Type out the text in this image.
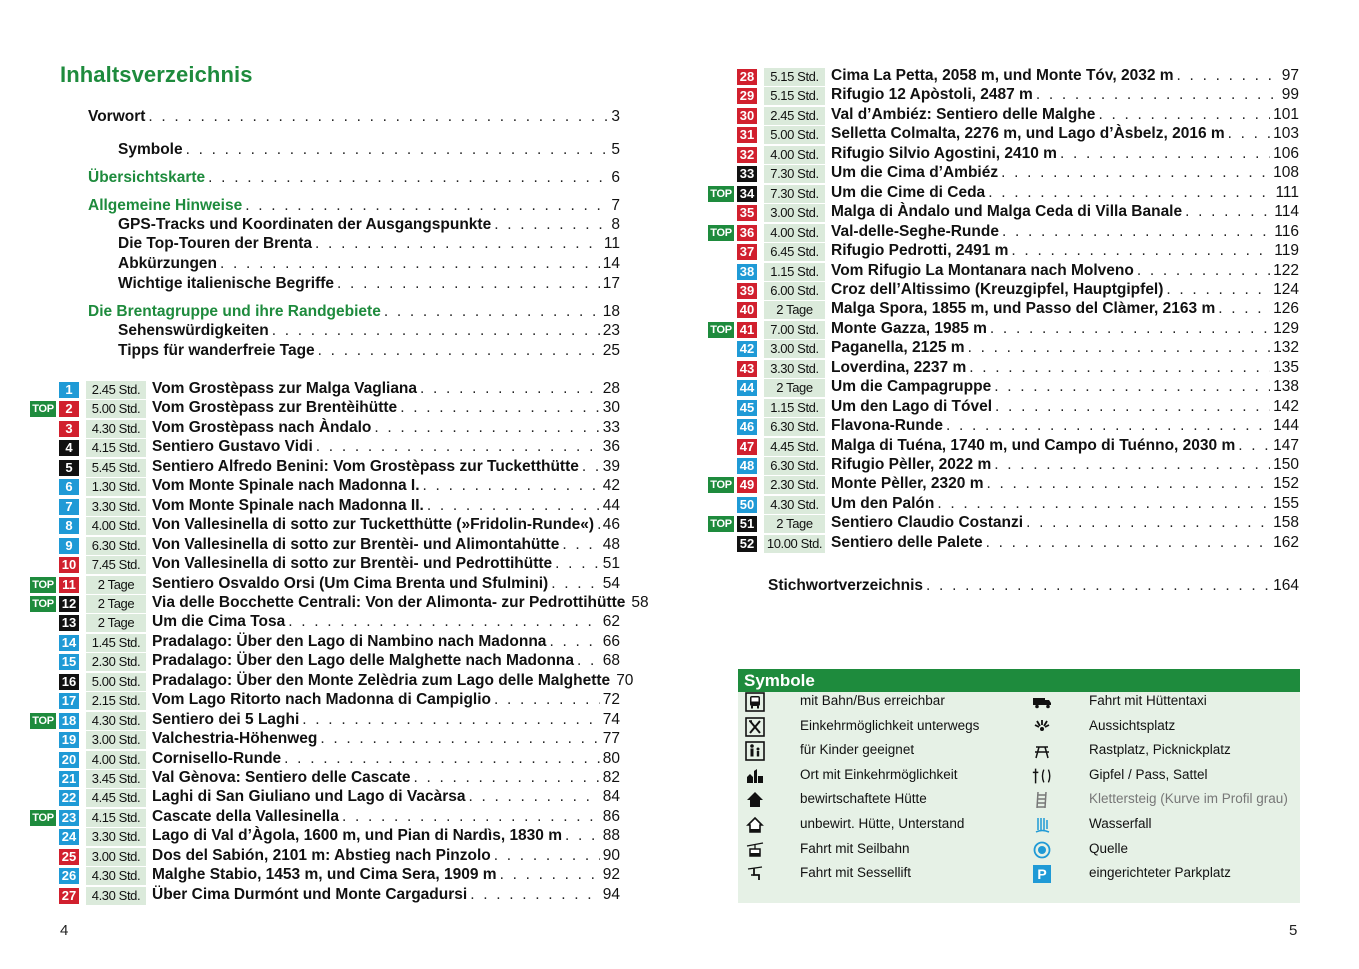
Inhaltsverzeichnis
Vorwort . . .	3
Symbole . . .	5
Übersichtskarte . . .	6
Allgemeine Hinweise . . .	7
GPS-Tracks und Koordinaten der Ausgangspunkte . . .	8
Die Top-Touren der Brenta . . .	11
Abkürzungen . . .	14
Wichtige italienische Begriffe . . .	17
Die Brentagruppe und ihre Randgebiete . . .	18
Sehenswürdigkeiten . . .	23
Tipps für wanderfreie Tage . . .	25
1	2.45 Std. Vom Grostèpass zur Malga Vagliana . . .	28
TOP 2	5.00 Std. Vom Grostèpass zur Brentèihütte . . .	30
3	4.30 Std. Vom Grostèpass nach Àndalo . . .	33
4	4.15 Std. Sentiero Gustavo Vidi . . .	36
5	5.45 Std. Sentiero Alfredo Benini: Vom Grostèpass zur Tucketthütte . . . 39
6	1.30 Std. Vom Monte Spinale nach Madonna I. . . .	42
7	3.30 Std. Vom Monte Spinale nach Madonna II. . . .	44
8	4.00 Std. Von Vallesinella di sotto zur Tucketthütte (»Fridolin-Runde«) . . . 46
9	6.30 Std. Von Vallesinella di sotto zur Brentèi- und Alimontahütte . . .	48
10	7.45 Std. Von Vallesinella di sotto zur Brentèi- und Pedrottihütte . . .	51
TOP 11	2 Tage	Sentiero Osvaldo Orsi (Um Cima Brenta und Sfulmini) . . .	54
TOP 12	2 Tage	Via delle Bocchette Centrali: Von der Alimonta- zur Pedrottihütte 58
13	2 Tage	Um die Cima Tosa . . .	62
14	1.45 Std. Pradalago: Über den Lago di Nambino nach Madonna . . .	66
15	2.30 Std. Pradalago: Über den Lago delle Malghette nach Madonna . . . 68
16	5.00 Std. Pradalago: Über den Monte Zelèdria zum Lago delle Malghette 70
17	2.15 Std. Vom Lago Ritorto nach Madonna di Campiglio . . .	72
TOP 18	4.30 Std. Sentiero dei 5 Laghi . . .	74
19	3.00 Std. Valchestria-Höhenweg . . .	77
20	4.00 Std. Cornisello-Runde . . .	80
21	3.45 Std. Val Gènova: Sentiero delle Cascate . . .	82
22	4.45 Std. Laghi di San Giuliano und Lago di Vacàrsa . . .	84
TOP 23	4.15 Std. Cascate della Vallesinella . . .	86
24	3.30 Std. Lago di Val d’Àgola, 1600 m, und Pian di Nardìs, 1830 m . . .	88
25	3.00 Std. Dos del Sabión, 2101 m: Abstieg nach Pinzolo . . .	90
26	4.30 Std. Malghe Stabio, 1453 m, und Cima Sera, 1909 m . . .	92
27	4.30 Std. Über Cima Durmónt und Monte Cargadursi . . .	94
4
28	5.15 Std. Cima La Petta, 2058 m, und Monte Tóv, 2032 m . . .	97
29	5.15 Std. Rifugio 12 Apòstoli, 2487 m . . .	99
30	2.45 Std. Val d’Ambiéz: Sentiero delle Malghe . . .	101
31	5.00 Std. Selletta Colmalta, 2276 m, und Lago d’Àsbelz, 2016 m . . .	103
32	4.00 Std. Rifugio Silvio Agostini, 2410 m . . .	106
33	7.30 Std. Um die Cima d’Ambiéz . . .	108
TOP 34	7.30 Std. Um die Cime di Ceda . . .	111
35	3.00 Std. Malga di Àndalo und Malga Ceda di Villa Banale . . .	114
TOP 36	4.00 Std. Val-delle-Seghe-Runde . . .	116
37	6.45 Std. Rifugio Pedrotti, 2491 m . . .	119
38	1.15 Std. Vom Rifugio La Montanara nach Molveno . . .	122
39	6.00 Std. Croz dell’Altissimo (Kreuzgipfel, Hauptgipfel) . . .	124
40	2 Tage	Malga Spora, 1855 m, und Passo del Clàmer, 2163 m . . .	126
TOP 41	7.00 Std. Monte Gazza, 1985 m . . .	129
42	3.00 Std. Paganella, 2125 m . . .	132
43	3.30 Std. Loverdina, 2237 m . . .	135
44	2 Tage	Um die Campagruppe . . .	138
45	1.15 Std. Um den Lago di Tóvel . . .	142
46	6.30 Std. Flavona-Runde . . .	144
47	4.45 Std. Malga di Tuéna, 1740 m, und Campo di Tuénno, 2030 m . . . 147
48	6.30 Std. Rifugio Pèller, 2022 m . . .	150
TOP 49	2.30 Std. Monte Pèller, 2320 m . . .	152
50	4.30 Std. Um den Palón . . .	155
TOP 51	2 Tage	Sentiero Claudio Costanzi . . .	158
52 10.00 Std. Sentiero delle Palete . . .	162
Stichwortverzeichnis . . .	164
Symbole
mit Bahn/Bus erreichbar
Einkehrmöglichkeit unterwegs
für Kinder geeignet
Ort mit Einkehrmöglichkeit
bewirtschaftete Hütte
unbewirt. Hütte, Unterstand
Fahrt mit Seilbahn
Fahrt mit Sessellift
Fahrt mit Hüttentaxi
Aussichtsplatz
Rastplatz, Picknickplatz
Gipfel / Pass, Sattel
Klettersteig (Kurve im Profil grau)
Wasserfall
Quelle
P	eingerichteter Parkplatz
5
